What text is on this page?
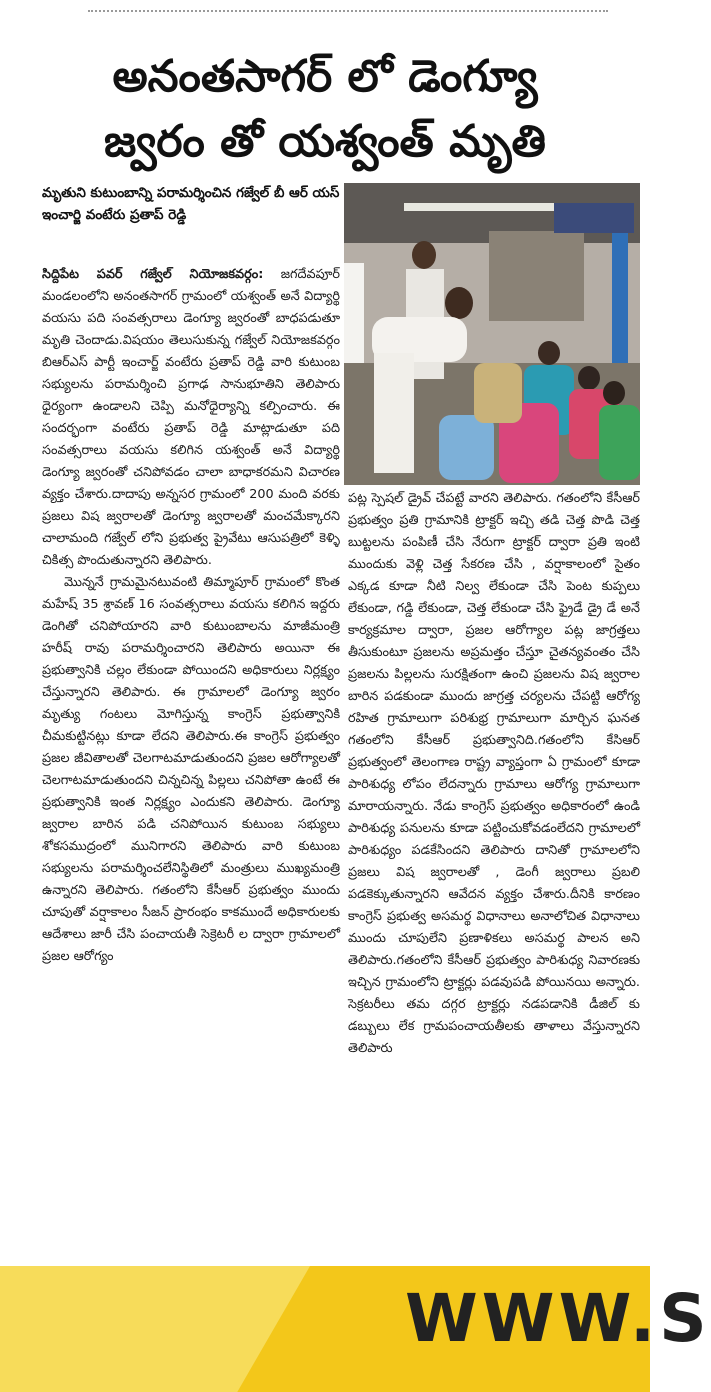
అనంతసాగర్ లో డెంగ్యూ
జ్వరం తో యశ్వంత్ మృతి
మృతుని కుటుంబాన్ని పరామర్శించిన గజ్వేల్ బీ ఆర్ యస్ ఇంచార్జి వంటేరు ప్రతాప్ రెడ్డి

సిద్దిపేట పవర్ గజ్వేల్ నియోజకవర్గం: జగదేవపూర్ మండలంలోని అనంతసాగర్ గ్రామంలో యశ్వంత్ అనే విద్యార్థి వయసు పది సంవత్సరాలు డెంగ్యూ జ్వరంతో బాధపడుతూ మృతి చెందాడు.విషయం తెలుసుకున్న గజ్వేల్ నియోజకవర్గం బిఆర్ఎస్ పార్టీ ఇంచార్జ్ వంటేరు ప్రతాప్ రెడ్డి వారి కుటుంబ సభ్యులను పరామర్శించి ప్రగాఢ సానుభూతిని తెలిపారు ధైర్యంగా ఉండాలని చెప్పి మనోధైర్యాన్ని కల్పించారు. ఈ సందర్భంగా వంటేరు ప్రతాప్ రెడ్డి మాట్లాడుతూ పది సంవత్సరాలు వయసు కలిగిన యశ్వంత్ అనే విద్యార్థి డెంగ్యూ జ్వరంతో చనిపోవడం చాలా బాధాకరమని విచారణ వ్యక్తం చేశారు.దాదాపు అన్నసర గ్రామంలో 200 మంది వరకు ప్రజలు విష జ్వరాలతో డెంగ్యూ జ్వరాలతో మంచమేక్కారని చాలామంది గజ్వేల్ లోని ప్రభుత్వ ప్రైవేటు ఆసుపత్రిలో కెళ్ళి చికిత్స పొందుతున్నారని తెలిపారు.

మొన్ననే గ్రామమైనటువంటి తిమ్మాపూర్ గ్రామంలో కొంత మహేష్ 35 శ్రావణ్ 16 సంవత్సరాలు వయసు కలిగిన ఇద్దరు డెంగితో చనిపోయారని వారి కుటుంబాలను మాజీమంత్రి హరీష్ రావు పరామర్శించారని తెలిపారు అయినా ఈ ప్రభుత్వానికి చల్లం లేకుండా పోయిందని అధికారులు నిర్లక్ష్యం చేస్తున్నారని తెలిపారు. ఈ గ్రామాలలో డెంగ్యూ జ్వరం మృత్యు గంటలు మోగిస్తున్న కాంగ్రెస్ ప్రభుత్వానికి చీమకుట్టినట్లు కూడా లేదని తెలిపారు.ఈ కాంగ్రెస్ ప్రభుత్వం ప్రజల జీవితాలతో చెలగాటమాడుతుందని ప్రజల ఆరోగ్యాలతో చెలగాటమాడుతుందని చిన్నచిన్న పిల్లలు చనిపోతా ఉంటే ఈ ప్రభుత్వానికి ఇంత నిర్లక్ష్యం ఎందుకని తెలిపారు. డెంగ్యూ జ్వరాల బారిన పడి చనిపోయిన కుటుంబ సభ్యులు శోకసముద్రంలో మునిగారని తెలిపారు వారి కుటుంబ సభ్యులను పరామర్శించలేనిస్థితిలో మంత్రులు ముఖ్యమంత్రి ఉన్నారని తెలిపారు. గతంలోని కేసీఆర్ ప్రభుత్వం ముందు చూపుతో వర్షాకాలం సీజన్ ప్రారంభం కాకముందే అధికారులకు ఆదేశాలు జారీ చేసి పంచాయతీ సెక్రెటరీ ల ద్వారా గ్రామాలలో ప్రజల ఆరోగ్యం

పట్ల స్పెషల్ డ్రైవ్ చేపట్టే వారని తెలిపారు. గతంలోని కేసీఆర్ ప్రభుత్వం ప్రతి గ్రామానికి ట్రాక్టర్ ఇచ్చి తడి చెత్త పొడి చెత్త బుట్టలను పంపిణీ చేసి నేరుగా ట్రాక్టర్ ద్వారా ప్రతి ఇంటి ముందుకు వెళ్లి చెత్త సేకరణ చేసి , వర్షాకాలంలో సైతం ఎక్కడ కూడా నీటి నిల్వ లేకుండా చేసి పెంట కుప్పలు లేకుండా, గడ్డి లేకుండా, చెత్త లేకుండా చేసి ఫ్రైడే డ్రై డే అనే కార్యక్రమాల ద్వారా, ప్రజల ఆరోగ్యాల పట్ల జాగ్రత్తలు తీసుకుంటూ ప్రజలను అప్రమత్తం చేస్తూ చైతన్యవంతం చేసి ప్రజలను పిల్లలను సురక్షితంగా ఉంచి ప్రజలను విష జ్వరాల బారిన పడకుండా ముందు జాగ్రత్త చర్యలను చేపట్టి ఆరోగ్య రహిత గ్రామాలుగా పరిశుభ్ర గ్రామాలుగా మార్చిన ఘనత గతంలోని కేసీఆర్ ప్రభుత్వానిది.గతంలోని కేసిఆర్ ప్రభుత్వంలో తెలంగాణ రాష్ట్ర వ్యాప్తంగా ఏ గ్రామంలో కూడా పారిశుధ్య లోపం లేదన్నారు గ్రామాలు ఆరోగ్య గ్రామాలుగా మారాయన్నారు. నేడు కాంగ్రెస్ ప్రభుత్వం అధికారంలో ఉండి పారిశుధ్య పనులను కూడా పట్టించుకోవడంలేదని గ్రామాలలో పారిశుధ్యం పడకేసిందని తెలిపారు దానితో గ్రామాలలోని ప్రజలు విష జ్వరాలతో , డెంగీ జ్వరాలు ప్రబలి పడకెక్కుతున్నారని ఆవేదన వ్యక్తం చేశారు.దీనికి కారణం కాంగ్రెస్ ప్రభుత్వ అసమర్థ విధానాలు అనాలోచిత విధానాలు ముందు చూపులేని ప్రణాళికలు అసమర్థ పాలన అని తెలిపారు.గతంలోని కేసీఆర్ ప్రభుత్వం పారిశుధ్య నివారణకు ఇచ్చిన గ్రామంలోని ట్రాక్టర్లు పడవుపడి పోయినయి అన్నారు. సెక్రటరీలు తమ దగ్గర ట్రాక్టర్లు నడపడానికి డీజిల్ కు డబ్బులు లేక గ్రామపంచాయతీలకు తాళాలు వేస్తున్నారని తెలిపారు

WWW.S
